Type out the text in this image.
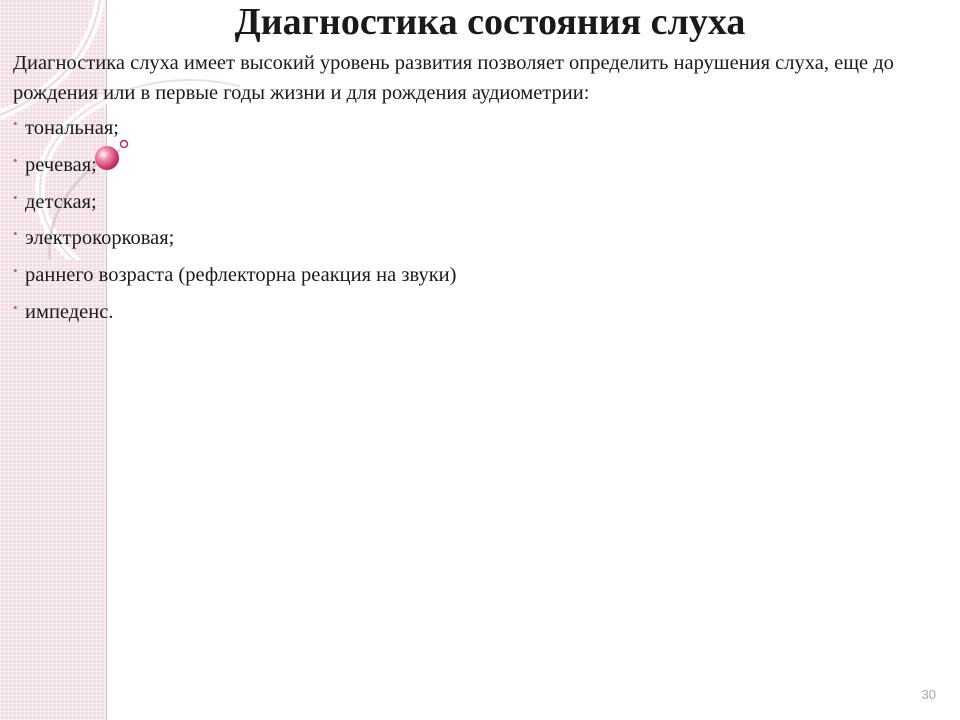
Диагностика состояния слуха
Диагностика слуха имеет высокий уровень развития позволяет определить нарушения слуха, еще до рождения или в первые годы жизни и для рождения аудиометрии:
• тональная;
• речевая;
• детская;
• электрокорковая;
• раннего возраста (рефлекторна реакция на звуки)
• импеденс.
30
